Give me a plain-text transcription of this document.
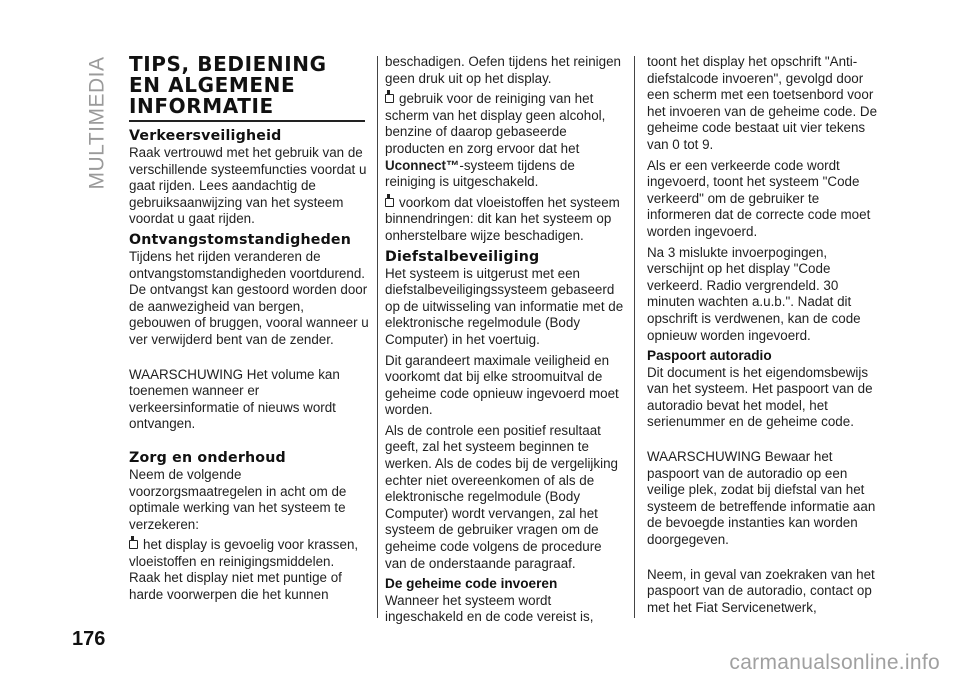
MULTIMEDIA
176
TIPS, BEDIENING
EN ALGEMENE
INFORMATIE
Verkeersveiligheid

Raak vertrouwd met het gebruik van de verschillende systeemfuncties voordat u gaat rijden. Lees aandachtig de gebruiksaanwijzing van het systeem voordat u gaat rijden.

Ontvangstomstandigheden

Tijdens het rijden veranderen de ontvangstomstandigheden voortdurend. De ontvangst kan gestoord worden door de aanwezigheid van bergen, gebouwen of bruggen, vooral wanneer u ver verwijderd bent van de zender.

WAARSCHUWING Het volume kan toenemen wanneer er verkeersinformatie of nieuws wordt ontvangen.

Zorg en onderhoud

Neem de volgende voorzorgsmaatregelen in acht om de optimale werking van het systeem te verzekeren:

het display is gevoelig voor krassen, vloeistoffen en reinigingsmiddelen. Raak het display niet met puntige of harde voorwerpen die het kunnen

beschadigen. Oefen tijdens het reinigen geen druk uit op het display.

gebruik voor de reiniging van het scherm van het display geen alcohol, benzine of daarop gebaseerde producten en zorg ervoor dat het Uconnect™-systeem tijdens de reiniging is uitgeschakeld.

voorkom dat vloeistoffen het systeem binnendringen: dit kan het systeem op onherstelbare wijze beschadigen.

Diefstalbeveiliging

Het systeem is uitgerust met een diefstalbeveiligingssysteem gebaseerd op de uitwisseling van informatie met de elektronische regelmodule (Body Computer) in het voertuig.

Dit garandeert maximale veiligheid en voorkomt dat bij elke stroomuitval de geheime code opnieuw ingevoerd moet worden.

Als de controle een positief resultaat geeft, zal het systeem beginnen te werken. Als de codes bij de vergelijking echter niet overeenkomen of als de elektronische regelmodule (Body Computer) wordt vervangen, zal het systeem de gebruiker vragen om de geheime code volgens de procedure van de onderstaande paragraaf.

De geheime code invoeren

Wanneer het systeem wordt ingeschakeld en de code vereist is,

toont het display het opschrift "Anti-diefstalcode invoeren", gevolgd door een scherm met een toetsenbord voor het invoeren van de geheime code. De geheime code bestaat uit vier tekens van 0 tot 9.

Als er een verkeerde code wordt ingevoerd, toont het systeem "Code verkeerd" om de gebruiker te informeren dat de correcte code moet worden ingevoerd.

Na 3 mislukte invoerpogingen, verschijnt op het display "Code verkeerd. Radio vergrendeld. 30 minuten wachten a.u.b.". Nadat dit opschrift is verdwenen, kan de code opnieuw worden ingevoerd.

Paspoort autoradio

Dit document is het eigendomsbewijs van het systeem. Het paspoort van de autoradio bevat het model, het serienummer en de geheime code.

WAARSCHUWING Bewaar het paspoort van de autoradio op een veilige plek, zodat bij diefstal van het systeem de betreffende informatie aan de bevoegde instanties kan worden doorgegeven.

Neem, in geval van zoekraken van het paspoort van de autoradio, contact op met het Fiat Servicenetwerk,

carmanualsonline.info
